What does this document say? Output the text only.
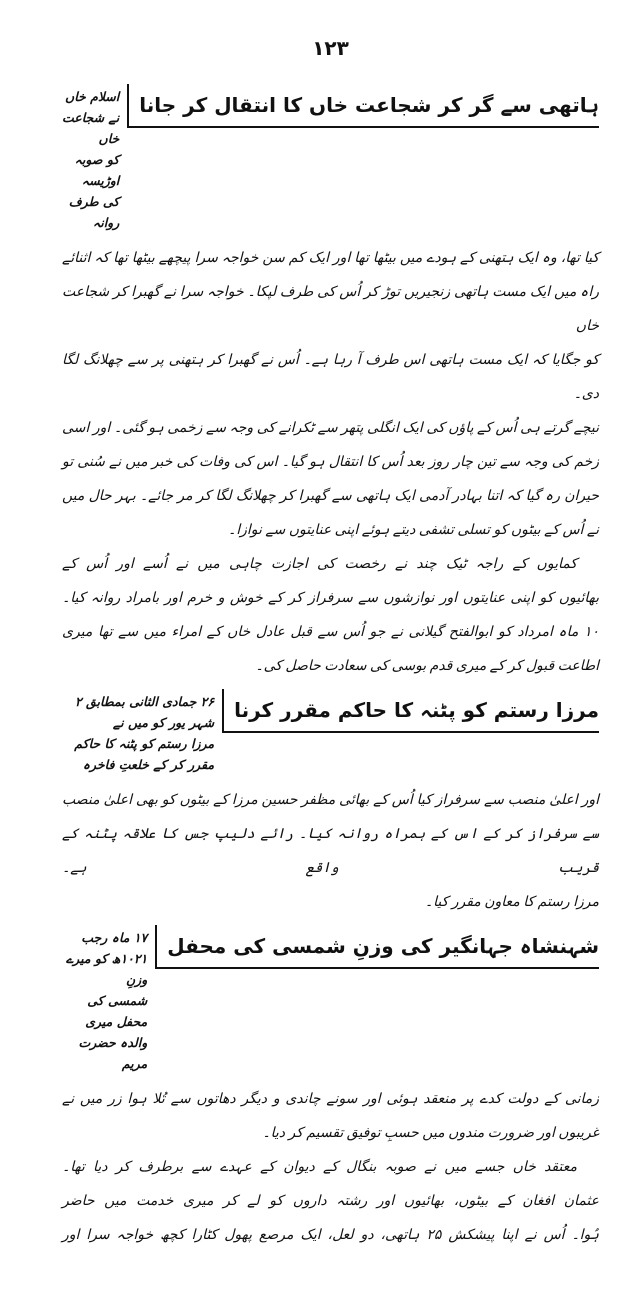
۱۲۳
ہاتھی سے گر کر شجاعت خاں کا انتقال کر جانا
اسلام خاں نے شجاعت خاں
کو صوبہ اوڑیسہ کی طرف روانہ
کیا تھا، وہ ایک ہتھنی کے ہودے میں بیٹھا تھا اور ایک کم سن خواجہ سرا پیچھے بیٹھا تھا کہ اثنائے
راہ میں ایک مست ہاتھی زنجیریں توڑ کر اُس کی طرف لپکا۔ خواجہ سرا نے گھبرا کر شجاعت خاں
کو جگایا کہ ایک مست ہاتھی اس طرف آ رہا ہے۔ اُس نے گھبرا کر ہتھنی پر سے چھلانگ لگا دی۔
نیچے گرتے ہی اُس کے پاؤں کی ایک انگلی پتھر سے ٹکرانے کی وجہ سے زخمی ہو گئی۔ اور اسی
زخم کی وجہ سے تین چار روز بعد اُس کا انتقال ہو گیا۔ اس کی وفات کی خبر میں نے سُنی تو
حیران رہ گیا کہ اتنا بہادر آدمی ایک ہاتھی سے گھبرا کر چھلانگ لگا کر مر جائے۔ بہر حال میں
نے اُس کے بیٹوں کو تسلی تشفی دیتے ہوئے اپنی عنایتوں سے نوازا۔
کمایوں کے راجہ ٹیک چند نے رخصت کی اجازت چاہی میں نے اُسے اور اُس کے
بھائیوں کو اپنی عنایتوں اور نوازشوں سے سرفراز کر کے خوش و خرم اور بامراد روانہ کیا۔
۱۰ ماہ امرداد کو ابوالفتح گیلانی نے جو اُس سے قبل عادل خاں کے امراء میں سے تھا میری
اطاعت قبول کر کے میری قدم بوسی کی سعادت حاصل کی۔
مرزا رستم کو پٹنہ کا حاکم مقرر کرنا
۲۶ جمادی الثانی بمطابق ۲ شہر یور کو میں نے
مرزا رستم کو پٹنہ کا حاکم مقرر کر کے خلعتِ فاخرہ
اور اعلیٰ منصب سے سرفراز کیا اُس کے بھائی مظفر حسین مرزا کے بیٹوں کو بھی اعلیٰ منصب
سے سرفراز کر کے اس کے ہمراہ روانہ کیا۔ رائے دلیپ جس کا علاقہ پٹنہ کے قریب واقع ہے۔
مرزا رستم کا معاون مقرر کیا۔
شہنشاہ جہانگیر کی وزنِ شمسی کی محفل
۱۷ ماہ رجب ۱۰۲۱ھ کو میرے وزنِ
شمسی کی محفل میری والدہ حضرت مریم
زمانی کے دولت کدے پر منعقد ہوئی اور سونے چاندی و دیگر دھاتوں سے تُلا ہوا زر میں نے
غریبوں اور ضرورت مندوں میں حسبِ توفیق تقسیم کر دیا۔
معتقد خاں جسے میں نے صوبہ بنگال کے دیوان کے عہدے سے برطرف کر دیا تھا۔
عثمان افغان کے بیٹوں، بھائیوں اور رشتہ داروں کو لے کر میری خدمت میں حاضر
ہُوا۔ اُس نے اپنا پیشکش ۲۵ ہاتھی، دو لعل، ایک مرصع پھول کٹارا کچھ خواجہ سرا اور
